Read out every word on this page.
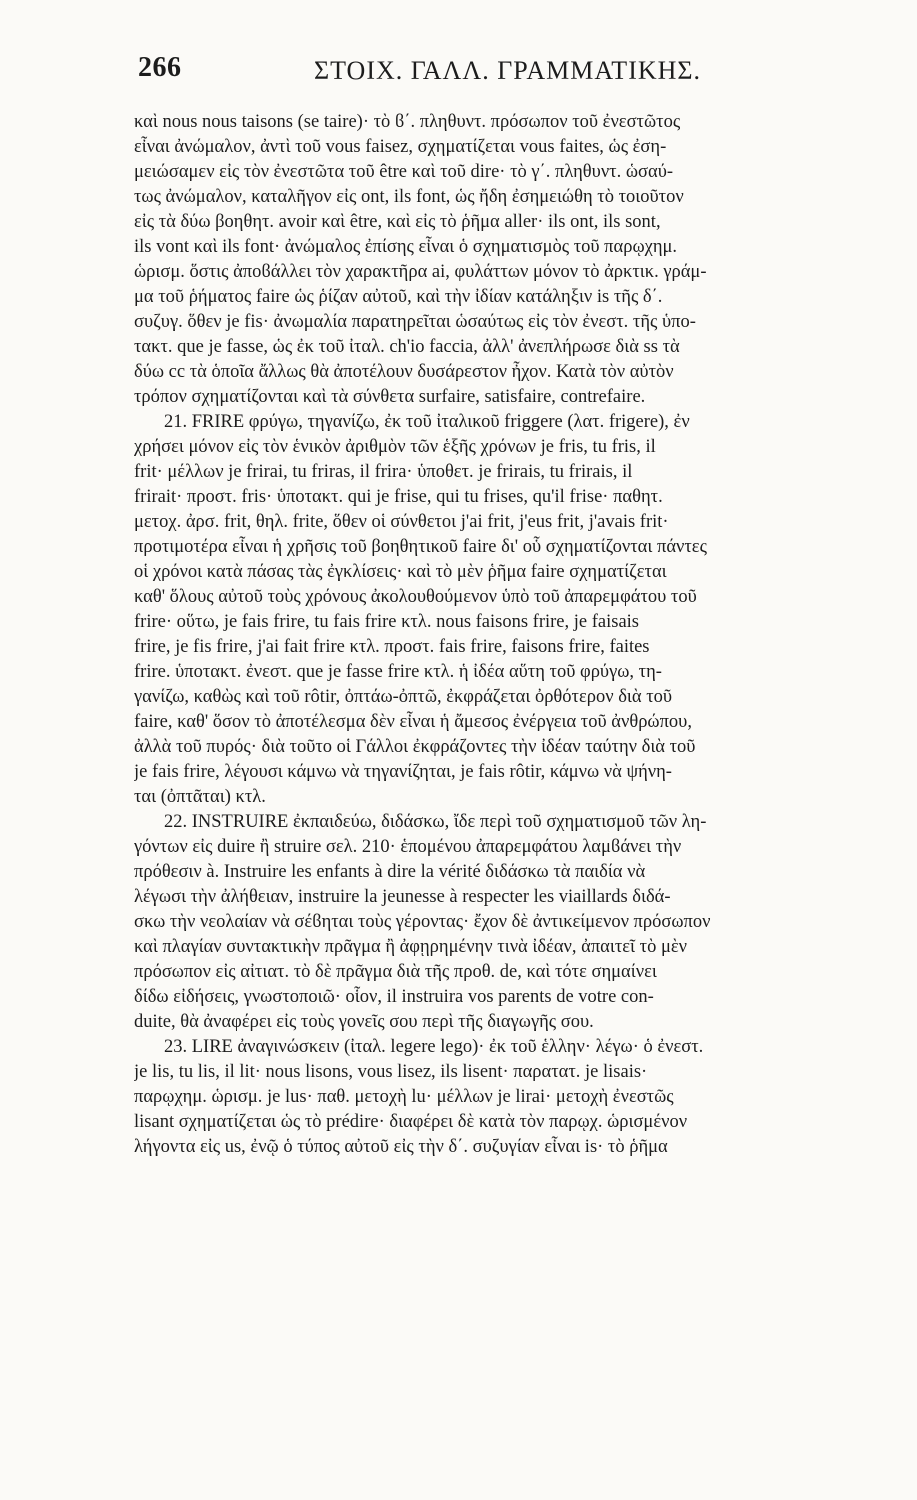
266	ΣΤΟΙΧ. ΓΑΛΛ. ΓΡΑΜΜΑΤΙΚΗΣ.
καὶ nous nous taisons (se taire)· τὸ ϐ΄. πληθυντ. πρόσωπον τοῦ ἐνεστῶτος
εἶναι ἀνώμαλον, ἀντὶ τοῦ vous faisez, σχηματίζεται vous faites, ὡς ἐση-
μειώσαμεν εἰς τὸν ἐνεστῶτα τοῦ être καὶ τοῦ dire· τὸ γ΄. πληθυντ. ὡσαύ-
τως ἀνώμαλον, καταλῆγον εἰς ont, ils font, ὡς ἤδη ἐσημειώθη τὸ τοιοῦτον
εἰς τὰ δύω βοηθητ. avoir καὶ être, καὶ εἰς τὸ ῥῆμα aller· ils ont, ils sont,
ils vont καὶ ils font· ἀνώμαλος ἐπίσης εἶναι ὁ σχηματισμὸς τοῦ παρῳχημ.
ὡρισμ. ὅστις ἀποϐάλλει τὸν χαρακτῆρα ai, φυλάττων μόνον τὸ ἀρκτικ. γράμ-
μα τοῦ ῥήματος faire ὡς ῥίζαν αὐτοῦ, καὶ τὴν ἰδίαν κατάληξιν is τῆς δ΄.
συζυγ. ὅθεν je fis· ἀνωμαλία παρατηρεῖται ὡσαύτως εἰς τὸν ἐνεστ. τῆς ὑπο-
τακτ. que je fasse, ὡς ἐκ τοῦ ἰταλ. ch'io faccia, ἀλλ' ἀνεπλήρωσε διὰ ss τὰ
δύω cc τὰ ὁποῖα ἄλλως θὰ ἀποτέλουν δυσάρεστον ἦχον. Κατὰ τὸν αὐτὸν
τρόπον σχηματίζονται καὶ τὰ σύνθετα surfaire, satisfaire, contrefaire.
21. FRIRE φρύγω, τηγανίζω, ἐκ τοῦ ἰταλικοῦ friggere (λατ. frigere), ἐν
χρήσει μόνον εἰς τὸν ἑνικὸν ἀριθμὸν τῶν ἑξῆς χρόνων je fris, tu fris, il
frit· μέλλων je frirai, tu friras, il frira· ὑποθετ. je frirais, tu frirais, il
frirait· προστ. fris· ὑποτακτ. qui je frise, qui tu frises, qu'il frise· παθητ.
μετοχ. ἀρσ. frit, θηλ. frite, ὅθεν οἱ σύνθετοι j'ai frit, j'eus frit, j'avais frit·
προτιμοτέρα εἶναι ἡ χρῆσις τοῦ βοηθητικοῦ faire δι' οὗ σχηματίζονται πάντες
οἱ χρόνοι κατὰ πάσας τὰς ἐγκλίσεις· καὶ τὸ μὲν ῥῆμα faire σχηματίζεται
καθ' ὅλους αὐτοῦ τοὺς χρόνους ἀκολουθούμενον ὑπὸ τοῦ ἀπαρεμφάτου τοῦ
frire· οὕτω, je fais frire, tu fais frire κτλ. nous faisons frire, je faisais
frire, je fis frire, j'ai fait frire κτλ. προστ. fais frire, faisons frire, faites
frire. ὑποτακτ. ἐνεστ. que je fasse frire κτλ. ἡ ἰδέα αὕτη τοῦ φρύγω, τη-
γανίζω, καθὼς καὶ τοῦ rôtir, ὀπτάω-ὀπτῶ, ἐκφράζεται ὀρθότερον διὰ τοῦ
faire, καθ' ὅσον τὸ ἀποτέλεσμα δὲν εἶναι ἡ ἄμεσος ἐνέργεια τοῦ ἀνθρώπου,
ἀλλὰ τοῦ πυρός· διὰ τοῦτο οἱ Γάλλοι ἐκφράζοντες τὴν ἰδέαν ταύτην διὰ τοῦ
je fais frire, λέγουσι κάμνω νὰ τηγανίζηται, je fais rôtir, κάμνω νὰ ψήνη-
ται (ὀπτᾶται) κτλ.
22. INSTRUIRE ἐκπαιδεύω, διδάσκω, ἴδε περὶ τοῦ σχηματισμοῦ τῶν λη-
γόντων εἰς duire ἢ struire σελ. 210· ἑπομένου ἀπαρεμφάτου λαμϐάνει τὴν
πρόθεσιν à. Instruire les enfants à dire la vérité διδάσκω τὰ παιδία νὰ
λέγωσι τὴν ἀλήθειαν, instruire la jeunesse à respecter les viaillards διδά-
σκω τὴν νεολαίαν νὰ σέϐηται τοὺς γέροντας· ἔχον δὲ ἀντικείμενον πρόσωπον
καὶ πλαγίαν συντακτικὴν πρᾶγμα ἢ ἀφῃρημένην τινὰ ἰδέαν, ἀπαιτεῖ τὸ μὲν
πρόσωπον εἰς αἰτιατ. τὸ δὲ πρᾶγμα διὰ τῆς προθ. de, καὶ τότε σημαίνει
δίδω εἰδήσεις, γνωστοποιῶ· οἷον, il instruira vos parents de votre con-
duite, θὰ ἀναφέρει εἰς τοὺς γονεῖς σου περὶ τῆς διαγωγῆς σου.
23. LIRE ἀναγινώσκειν (ἰταλ. legere lego)· ἐκ τοῦ ἑλλην· λέγω· ὁ ἐνεστ.
je lis, tu lis, il lit· nous lisons, vous lisez, ils lisent· παρατατ. je lisais·
παρῳχημ. ὡρισμ. je lus· παθ. μετοχὴ lu· μέλλων je lirai· μετοχὴ ἐνεστῶς
lisant σχηματίζεται ὡς τὸ prédire· διαφέρει δὲ κατὰ τὸν παρῳχ. ὡρισμένον
λήγοντα εἰς us, ἐνῷ ὁ τύπος αὐτοῦ εἰς τὴν δ΄. συζυγίαν εἶναι is· τὸ ῥῆμα
